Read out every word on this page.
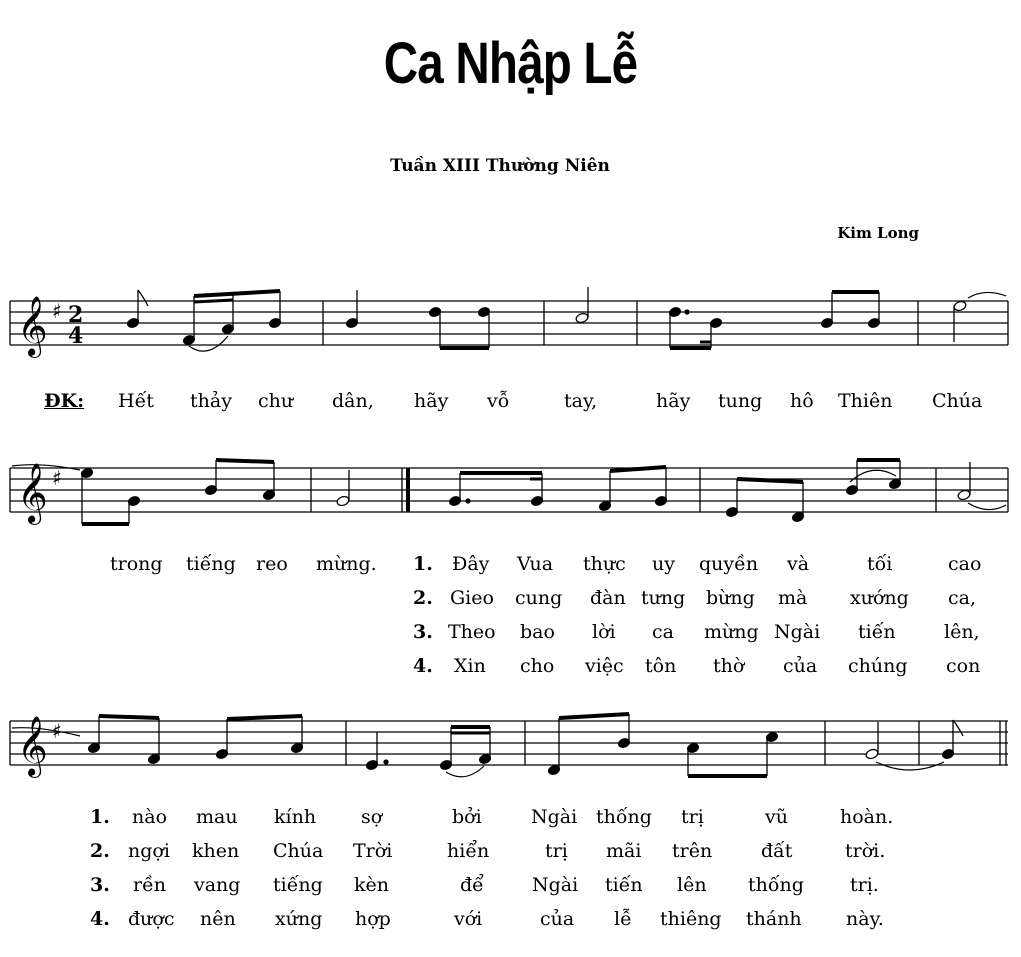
Ca Nhập Lễ
Tuần XIII Thường Niên
Kim Long
𝄞 ♯ 2
4
ĐK: Hết thảy chư dân, hãy vỗ	tay,	hãy tung hô Thiên Chúa
𝄞 ♯
trong tiếng reo mừng. 1. Đây Vua thực uy quyền và	tối	cao
2. Gieo cung đàn tưng bừng mà xướng ca,
3. Theo bao lời ca mừng Ngài tiến	lên,
4. Xin cho việc tôn thờ của chúng con
𝄞 ♯
1. nào mau kính sợ	bởi	Ngài thống trị	vũ	hoàn.
2. ngợi khen Chúa Trời	hiển	trị mãi trên	đất	trời.
3. rền vang tiếng kèn	để	Ngài tiến lên thống trị.
4. được nên xứng hợp	với	của lễ thiêng thánh này.
